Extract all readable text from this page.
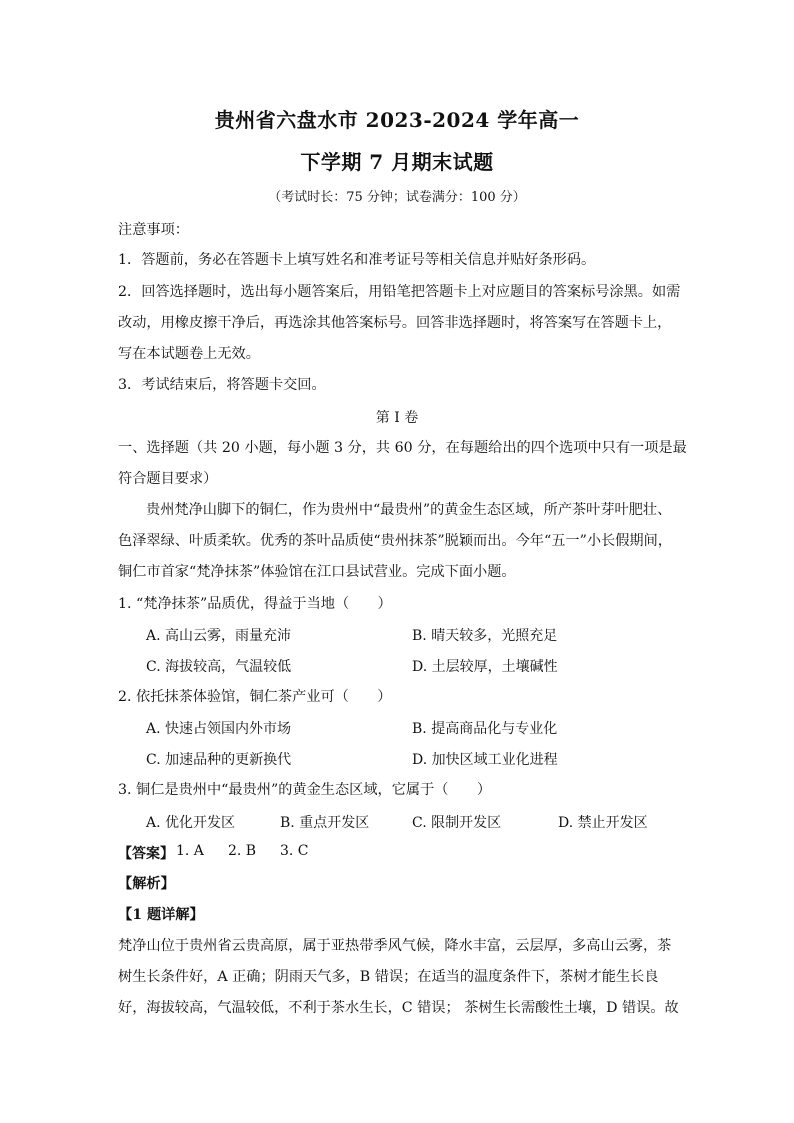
贵州省六盘水市 2023-2024 学年高一
下学期 7 月期末试题
（考试时长：75 分钟；试卷满分：100 分）
注意事项：
1．答题前，务必在答题卡上填写姓名和准考证号等相关信息并贴好条形码。
2．回答选择题时，选出每小题答案后，用铅笔把答题卡上对应题目的答案标号涂黑。如需
改动，用橡皮擦干净后，再选涂其他答案标号。回答非选择题时，将答案写在答题卡上，
写在本试题卷上无效。
3．考试结束后，将答题卡交回。
第 I 卷
一、选择题（共 20 小题，每小题 3 分，共 60 分，在每题给出的四个选项中只有一项是最
符合题目要求）
贵州梵净山脚下的铜仁，作为贵州中“最贵州”的黄金生态区域，所产茶叶芽叶肥壮、
色泽翠绿、叶质柔软。优秀的茶叶品质使“贵州抹茶”脱颖而出。今年“五一”小长假期间，
铜仁市首家“梵净抹茶”体验馆在江口县试营业。完成下面小题。
1. “梵净抹茶”品质优，得益于当地（　　）
A. 高山云雾，雨量充沛	B. 晴天较多，光照充足
C. 海拔较高，气温较低	D. 土层较厚，土壤碱性
2. 依托抹茶体验馆，铜仁茶产业可（　　）
A. 快速占领国内外市场	B. 提高商品化与专业化
C. 加速品种的更新换代	D. 加快区域工业化进程
3. 铜仁是贵州中“最贵州”的黄金生态区域，它属于（　　）
A. 优化开发区	B. 重点开发区	C. 限制开发区	D. 禁止开发区
【答案】 1. A 2. B 3. C
【解析】
【1 题详解】
梵净山位于贵州省云贵高原，属于亚热带季风气候，降水丰富，云层厚，多高山云雾，茶
树生长条件好，A 正确；阴雨天气多，B 错误；在适当的温度条件下，茶树才能生长良
好，海拔较高，气温较低，不利于茶水生长，C 错误； 茶树生长需酸性土壤，D 错误。故
